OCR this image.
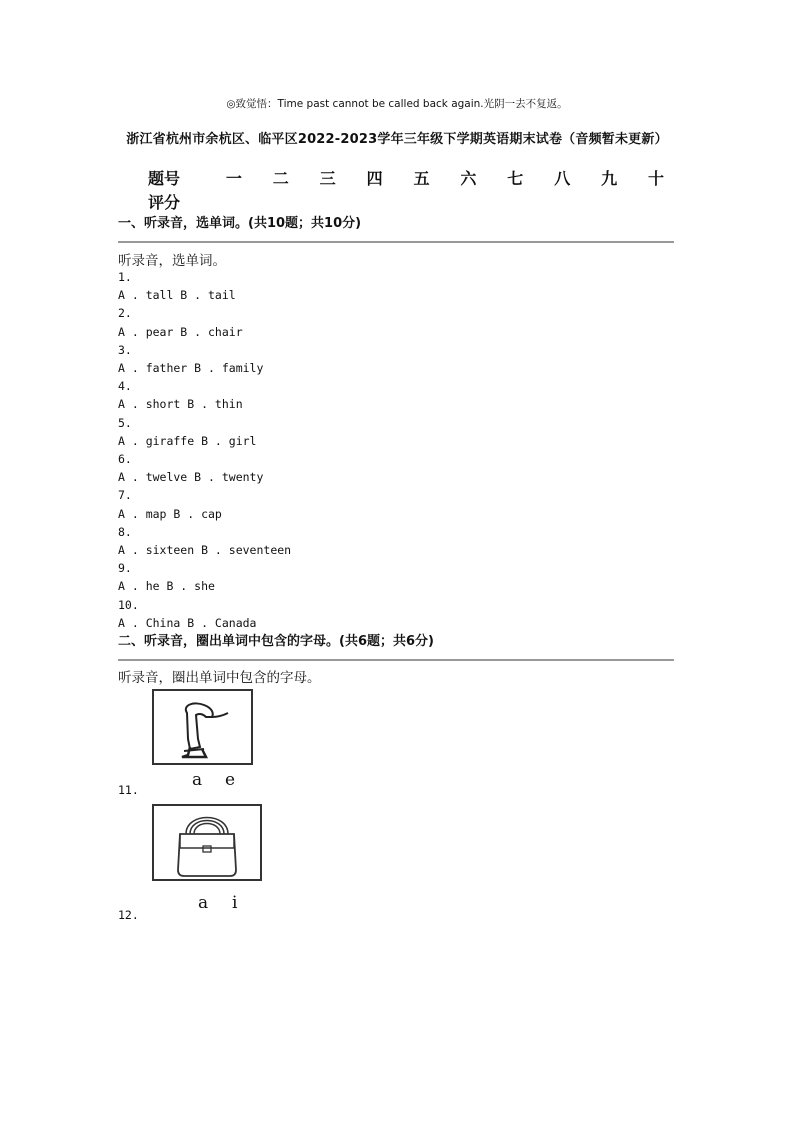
◎致觉悟：Time past cannot be called back again.光阴一去不复返。
浙江省杭州市余杭区、临平区2022-2023学年三年级下学期英语期末试卷（音频暂未更新）
题号	一	二	三	四	五	六	七	八	九	十
评分
一、听录音，选单词。(共10题；共10分)
听录音，选单词。
1.
A . tall B . tail
2.
A . pear B . chair
3.
A . father B . family
4.
A . short B . thin
5.
A . giraffe B . girl
6.
A . twelve B . twenty
7.
A . map B . cap
8.
A . sixteen B . seventeen
9.
A . he B . she
10.
A . China B . Canada
二、听录音，圈出单词中包含的字母。(共6题；共6分)
听录音，圈出单词中包含的字母。
a e
11.
a i
12.
